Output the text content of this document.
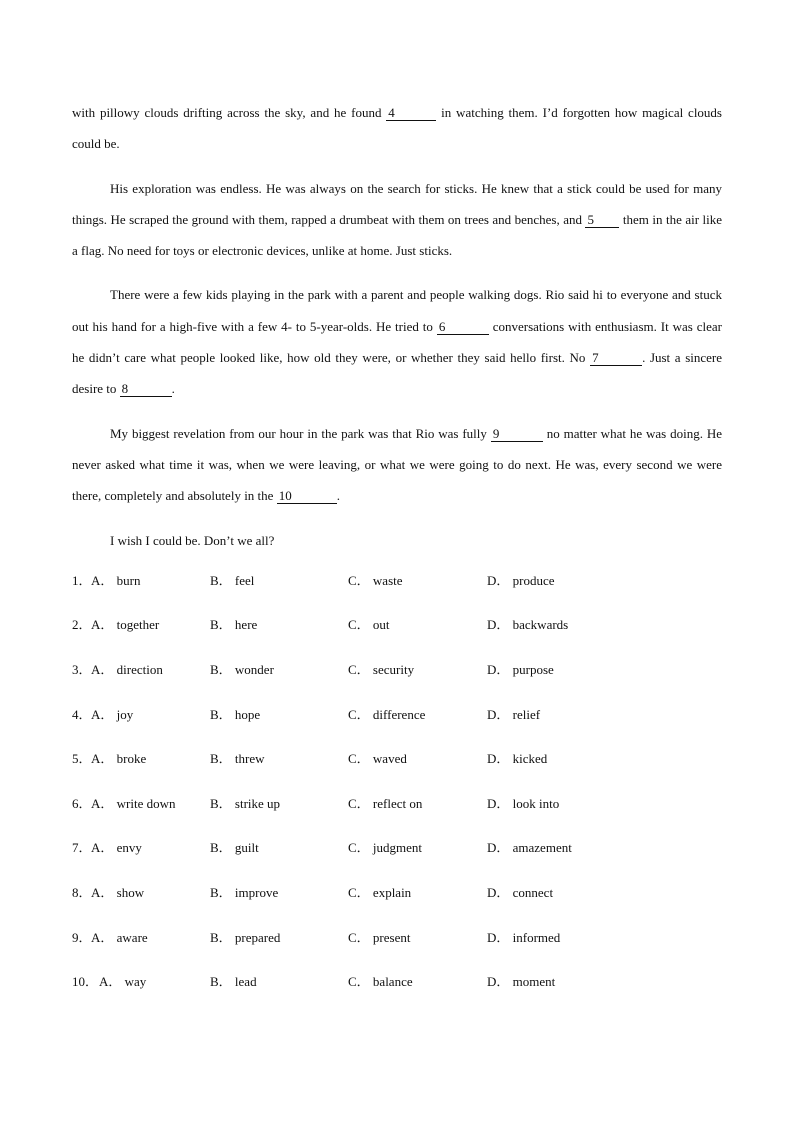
with pillowy clouds drifting across the sky, and he found 4	in watching them. I’d forgotten how magical clouds could be.

His exploration was endless. He was always on the search for sticks. He knew that a stick could be used for many things. He scraped the ground with them, rapped a drumbeat with them on trees and benches, and 5 them in the air like a flag. No need for toys or electronic devices, unlike at home. Just sticks.

There were a few kids playing in the park with a parent and people walking dogs. Rio said hi to everyone and stuck out his hand for a high-five with a few 4- to 5-year-olds. He tried to 6	conversations with enthusiasm. It was clear he didn’t care what people looked like, how old they were, or whether they said hello first. No 7	. Just a sincere desire to 8	.

My biggest revelation from our hour in the park was that Rio was fully 9	no matter what he was doing. He never asked what time it was, when we were leaving, or what we were going to do next. He was, every second we were there, completely and absolutely in the 10	.

I wish I could be. Don’t we all?

1． A． burn	B． feel	C． waste	D． produce
2． A． together	B． here	C． out	D． backwards
3． A． direction	B． wonder	C． security	D． purpose
4． A． joy	B． hope	C． difference	D． relief
5． A． broke	B． threw	C． waved	D． kicked
6． A． write down	B． strike up	C． reflect on	D． look into
7． A． envy	B． guilt	C． judgment	D． amazement
8． A． show	B． improve	C． explain	D． connect
9． A． aware	B． prepared	C． present	D． informed
10． A． way	B． lead	C． balance	D． moment
